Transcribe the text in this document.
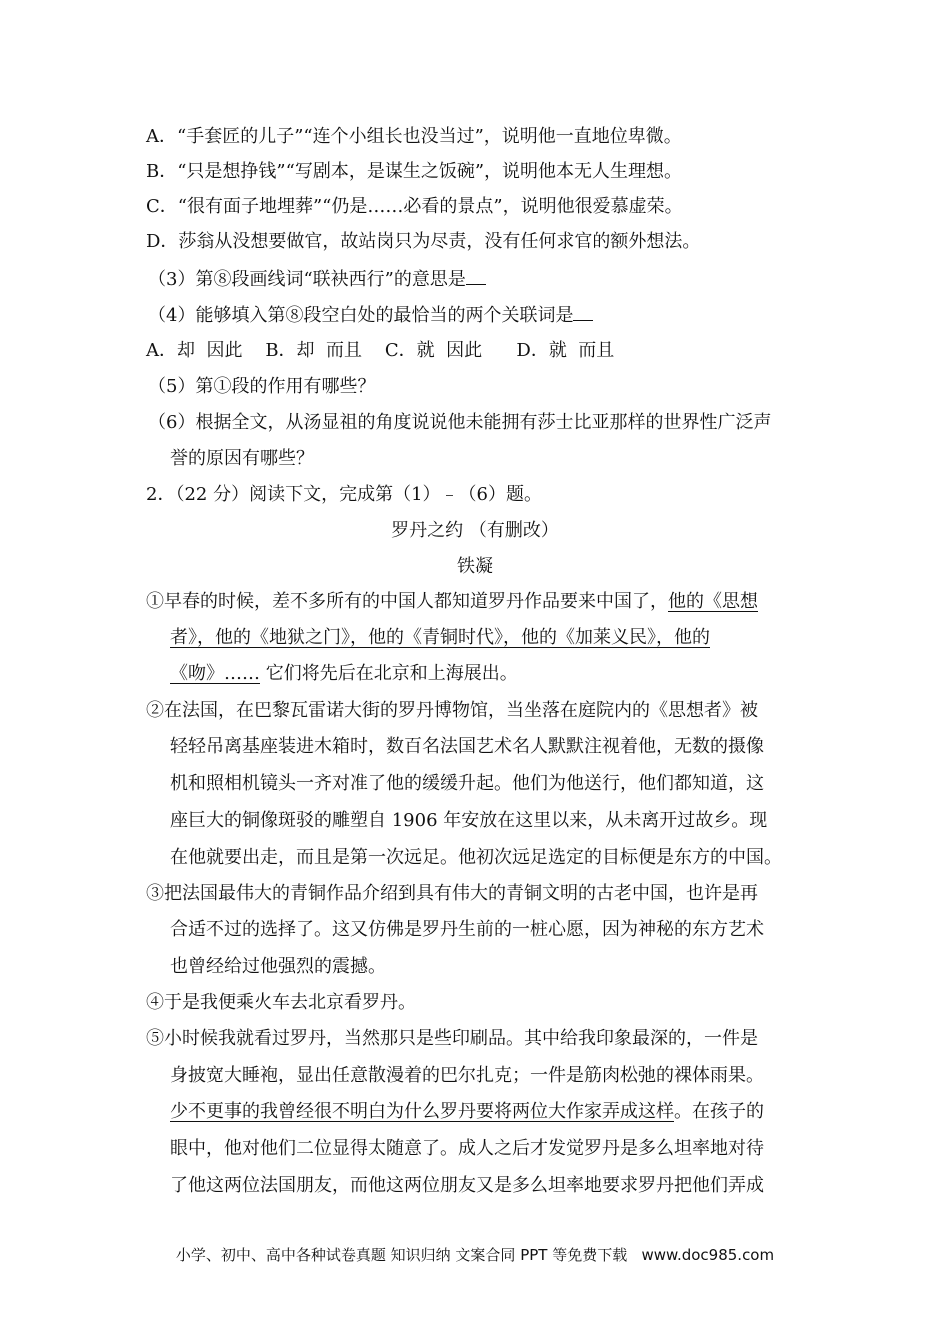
A．“手套匠的儿子”“连个小组长也没当过”，说明他一直地位卑微。
B．“只是想挣钱”“写剧本，是谋生之饭碗”，说明他本无人生理想。
C．“很有面子地埋葬”“仍是……必看的景点”，说明他很爱慕虚荣。
D．莎翁从没想要做官，故站岗只为尽责，没有任何求官的额外想法。
（3）第⑧段画线词“联袂西行”的意思是
（4）能够填入第⑧段空白处的最恰当的两个关联词是
A．却  因此    B．却  而且    C．就  因此      D．就  而且
（5）第①段的作用有哪些？
（6）根据全文，从汤显祖的角度说说他未能拥有莎士比亚那样的世界性广泛声
誉的原因有哪些？
2．（22 分）阅读下文，完成第（1）﹣（6）题。
罗丹之约 （有删改）
铁凝
①早春的时候，差不多所有的中国人都知道罗丹作品要来中国了，他的《思想
者》，他的《地狱之门》，他的《青铜时代》，他的《加莱义民》，他的
《吻》…… 它们将先后在北京和上海展出。
②在法国，在巴黎瓦雷诺大街的罗丹博物馆，当坐落在庭院内的《思想者》被
轻轻吊离基座装进木箱时，数百名法国艺术名人默默注视着他，无数的摄像
机和照相机镜头一齐对准了他的缓缓升起。他们为他送行，他们都知道，这
座巨大的铜像斑驳的雕塑自 1906 年安放在这里以来，从未离开过故乡。现
在他就要出走，而且是第一次远足。他初次远足选定的目标便是东方的中国。
③把法国最伟大的青铜作品介绍到具有伟大的青铜文明的古老中国，也许是再
合适不过的选择了。这又仿佛是罗丹生前的一桩心愿，因为神秘的东方艺术
也曾经给过他强烈的震撼。
④于是我便乘火车去北京看罗丹。
⑤小时候我就看过罗丹，当然那只是些印刷品。其中给我印象最深的，一件是
身披宽大睡袍，显出任意散漫着的巴尔扎克；一件是筋肉松弛的裸体雨果。
少不更事的我曾经很不明白为什么罗丹要将两位大作家弄成这样。在孩子的
眼中，他对他们二位显得太随意了。成人之后才发觉罗丹是多么坦率地对待
了他这两位法国朋友，而他这两位朋友又是多么坦率地要求罗丹把他们弄成
小学、初中、高中各种试卷真题 知识归纳 文案合同 PPT 等免费下载   www.doc985.com
